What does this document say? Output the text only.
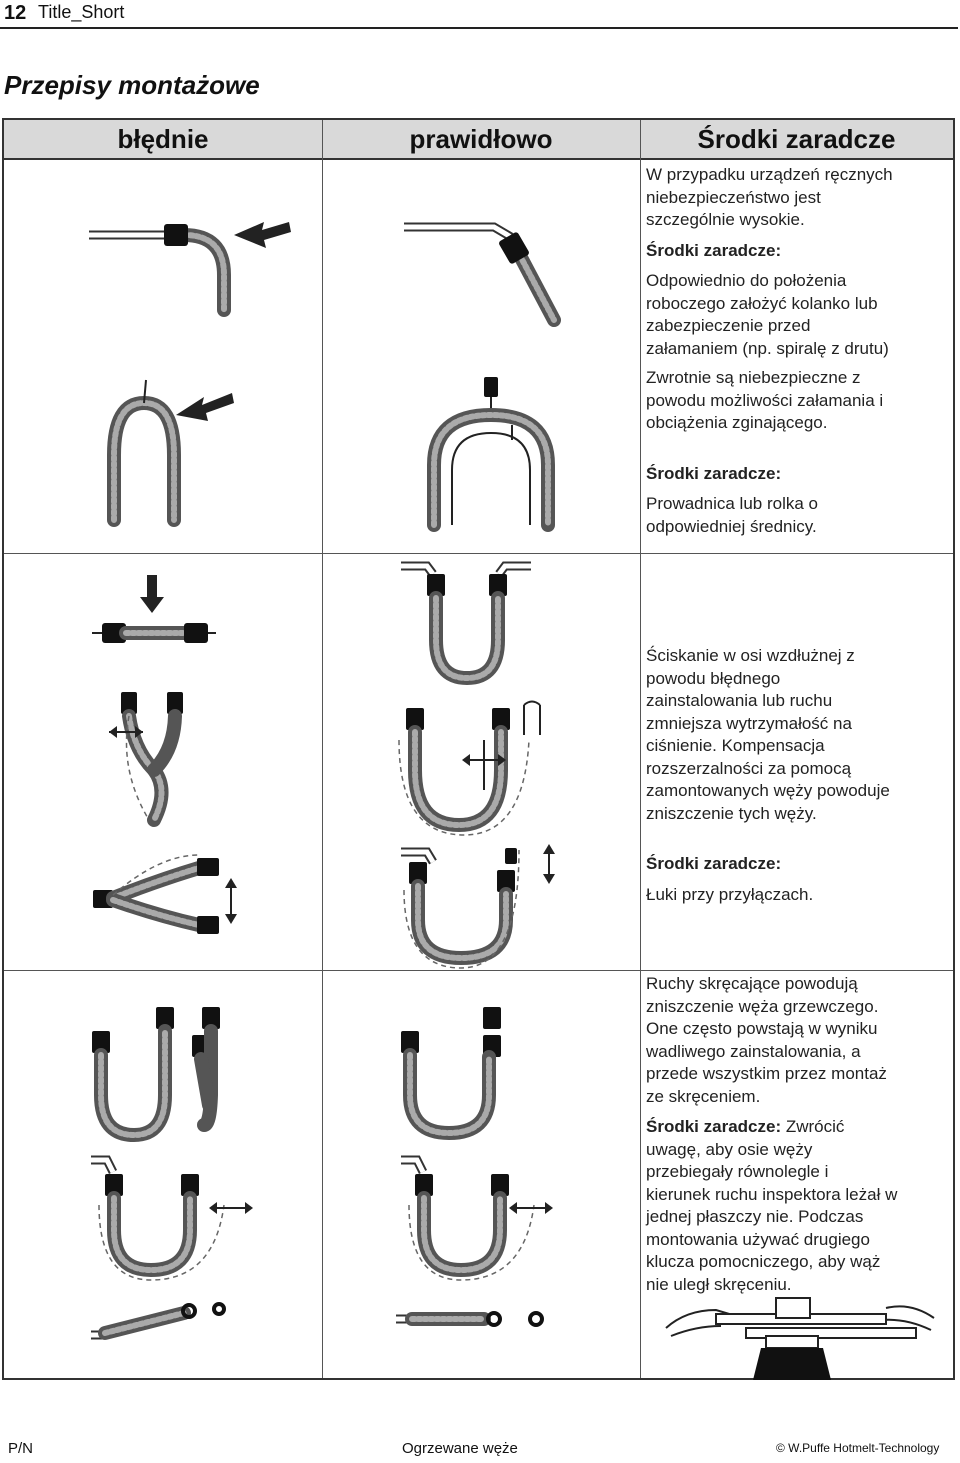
12 Title_Short
Przepisy montażowe
błędnie	prawidłowo	Środki zaradcze

W przypadku urządzeń ręcznych
niebezpieczeństwo jest
szczególnie wysokie.

Środki zaradcze:

Odpowiednio do położenia
roboczego założyć kolanko lub
zabezpieczenie przed
załamaniem (np. spiralę z drutu)

Zwrotnie są niebezpieczne z
powodu możliwości załamania i
obciążenia zginającego.

Środki zaradcze:

Prowadnica lub rolka o
odpowiedniej średnicy.

Ściskanie w osi wzdłużnej z
powodu błędnego
zainstalowania lub ruchu
zmniejsza wytrzymałość na
ciśnienie. Kompensacja
rozszerzalności za pomocą
zamontowanych węży powoduje
zniszczenie tych węży.

Środki zaradcze:

Łuki przy przyłączach.

Ruchy skręcające powodują
zniszczenie węża grzewczego.
One często powstają w wyniku
wadliwego zainstalowania, a
przede wszystkim przez montaż
ze skręceniem.

Środki zaradcze: Zwrócić
uwagę, aby osie węży
przebiegały równolegle i
kierunek ruchu inspektora leżał w
jednej płaszczy nie. Podczas
montowania używać drugiego
klucza pomocniczego, aby wąż
nie uległ skręceniu.

P/N	Ogrzewane węże	© W.Puffe Hotmelt-Technology
